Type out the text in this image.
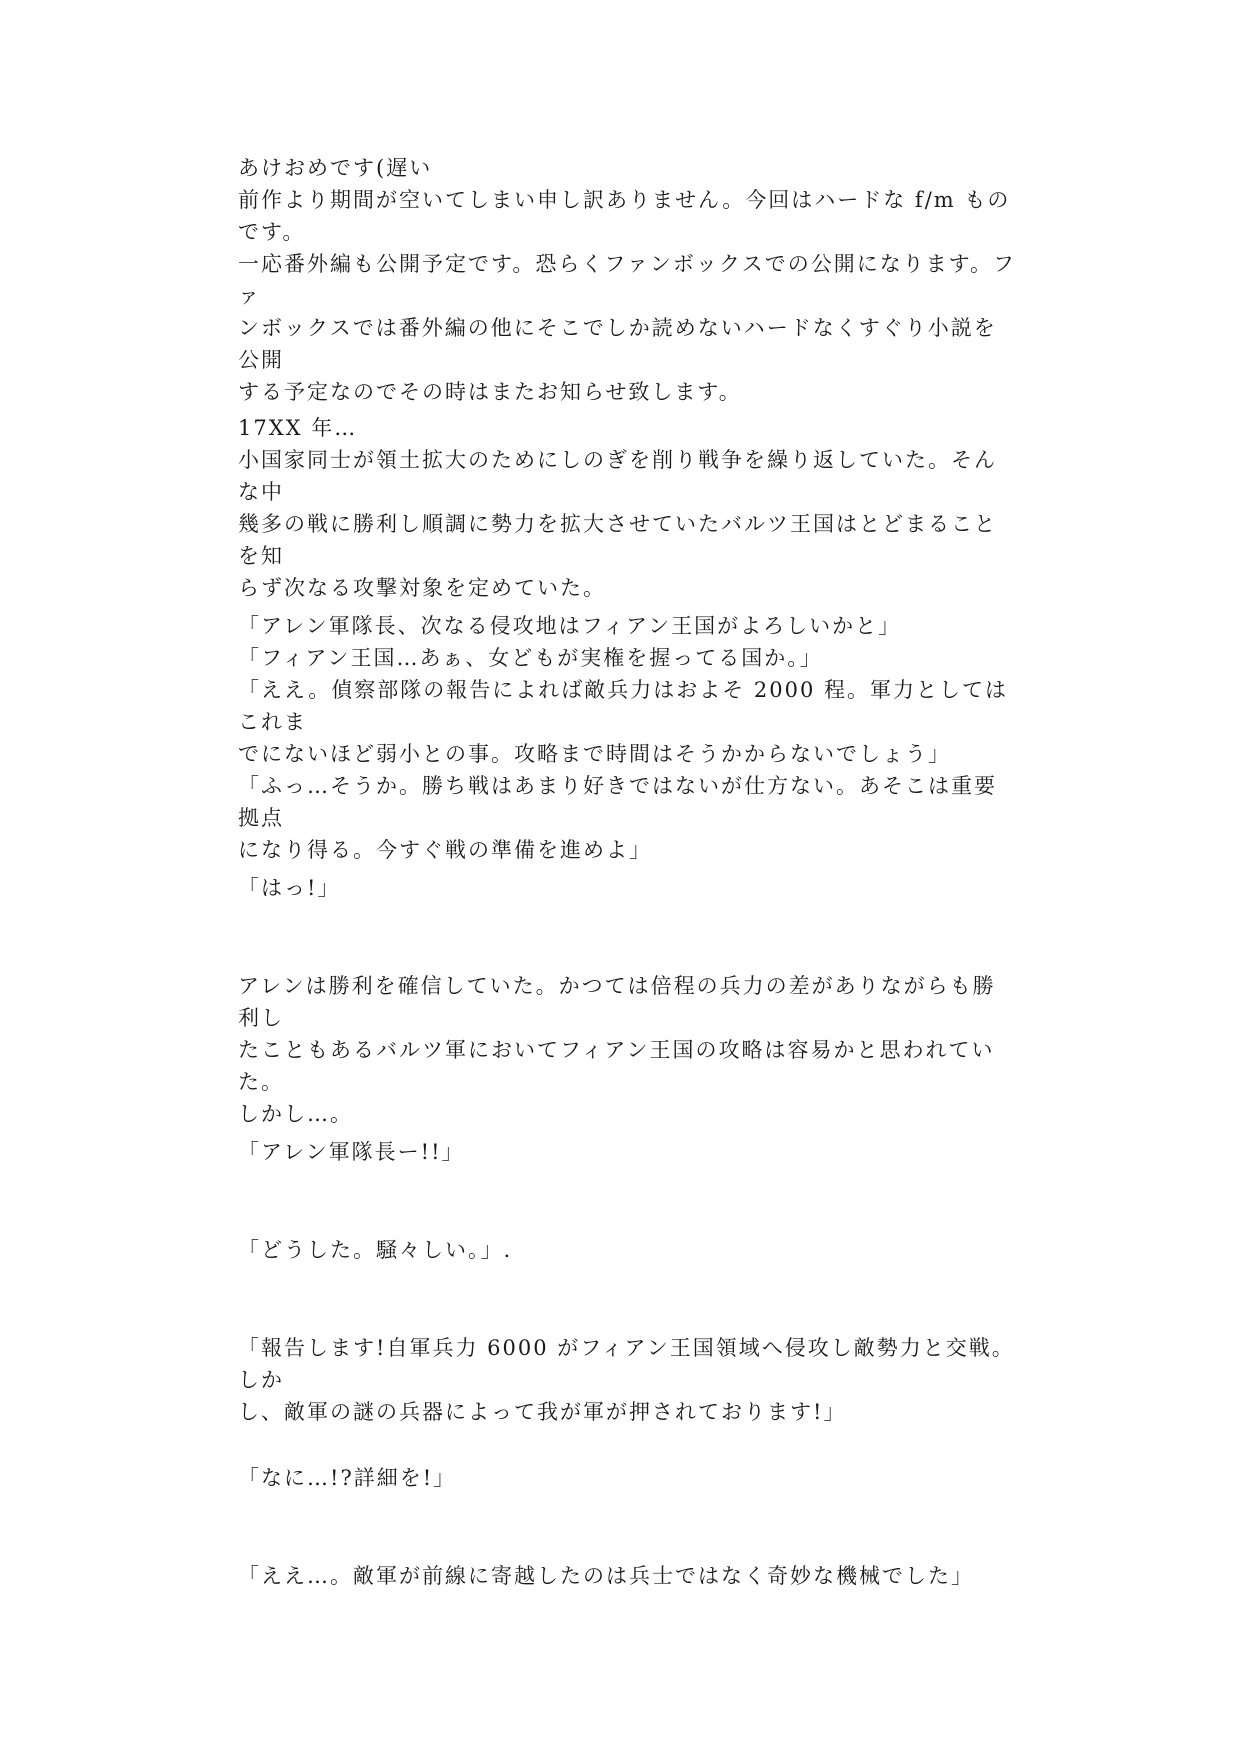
あけおめです(遅い
前作より期間が空いてしまい申し訳ありません。今回はハードな f/m ものです。
一応番外編も公開予定です。恐らくファンボックスでの公開になります。ファ
ンボックスでは番外編の他にそこでしか読めないハードなくすぐり小説を公開
する予定なのでその時はまたお知らせ致します。

17XX 年…
小国家同士が領土拡大のためにしのぎを削り戦争を繰り返していた。そんな中
幾多の戦に勝利し順調に勢力を拡大させていたバルツ王国はとどまることを知
らず次なる攻撃対象を定めていた。

「アレン軍隊長、次なる侵攻地はフィアン王国がよろしいかと」
「フィアン王国…あぁ、女どもが実権を握ってる国か。」
「ええ。偵察部隊の報告によれば敵兵力はおよそ 2000 程。軍力としてはこれま
でにないほど弱小との事。攻略まで時間はそうかからないでしょう」
「ふっ…そうか。勝ち戦はあまり好きではないが仕方ない。あそこは重要拠点
になり得る。今すぐ戦の準備を進めよ」

「はっ!」

アレンは勝利を確信していた。かつては倍程の兵力の差がありながらも勝利し
たこともあるバルツ軍においてフィアン王国の攻略は容易かと思われていた。
しかし…。

「アレン軍隊長ー!!」

「どうした。騒々しい。」.

「報告します!自軍兵力 6000 がフィアン王国領域へ侵攻し敵勢力と交戦。しか
し、敵軍の謎の兵器によって我が軍が押されております!」

「なに…!?詳細を!」

「ええ…。敵軍が前線に寄越したのは兵士ではなく奇妙な機械でした」
